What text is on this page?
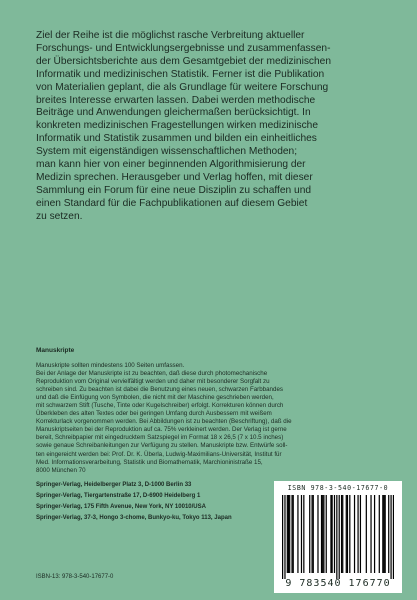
Ziel der Reihe ist die möglichst rasche Verbreitung aktueller
Forschungs- und Entwicklungsergebnisse und zusammenfassen-
der Übersichtsberichte aus dem Gesamtgebiet der medizinischen
Informatik und medizinischen Statistik. Ferner ist die Publikation
von Materialien geplant, die als Grundlage für weitere Forschung
breites Interesse erwarten lassen. Dabei werden methodische
Beiträge und Anwendungen gleichermaßen berücksichtigt. In
konkreten medizinischen Fragestellungen wirken medizinische
Informatik und Statistik zusammen und bilden ein einheitliches
System mit eigenständigen wissenschaftlichen Methoden;
man kann hier von einer beginnenden Algorithmisierung der
Medizin sprechen. Herausgeber und Verlag hoffen, mit dieser
Sammlung ein Forum für eine neue Disziplin zu schaffen und
einen Standard für die Fachpublikationen auf diesem Gebiet
zu setzen.
Manuskripte
Manuskripte sollten mindestens 100 Seiten umfassen.
Bei der Anlage der Manuskripte ist zu beachten, daß diese durch photomechanische
Reproduktion vom Original vervielfältigt werden und daher mit besonderer Sorgfalt zu
schreiben sind. Zu beachten ist dabei die Benutzung eines neuen, schwarzen Farbbandes
und daß die Einfügung von Symbolen, die nicht mit der Maschine geschrieben werden,
mit schwarzem Stift (Tusche, Tinte oder Kugelschreiber) erfolgt. Korrekturen können durch
Überkleben des alten Textes oder bei geringen Umfang durch Ausbessern mit weißem
Korrekturlack vorgenommen werden. Bei Abbildungen ist zu beachten (Beschriftung), daß die
Manuskriptseiten bei der Reproduktion auf ca. 75% verkleinert werden. Der Verlag ist gerne
bereit, Schreibpapier mit eingedrucktem Satzspiegel im Format 18 x 26,5 (7 x 10.5 inches)
sowie genaue Schreibanleitungen zur Verfügung zu stellen. Manuskripte bzw. Entwürfe soll-
ten eingereicht werden bei: Prof. Dr. K. Überla, Ludwig-Maximilians-Universität, Institut für
Med. Informationsverarbeitung, Statistik und Biomathematik, Marchioninistraße 15,
8000 München 70
Springer-Verlag, Heidelberger Platz 3, D-1000 Berlin 33
Springer-Verlag, Tiergartenstraße 17, D-6900 Heidelberg 1
Springer-Verlag, 175 Fifth Avenue, New York, NY 10010/USA
Springer-Verlag, 37-3, Hongo 3-chome, Bunkyo-ku, Tokyo 113, Japan
ISBN-13: 978-3-540-17677-0
ISBN 978-3-540-17677-0
9 783540 176770
